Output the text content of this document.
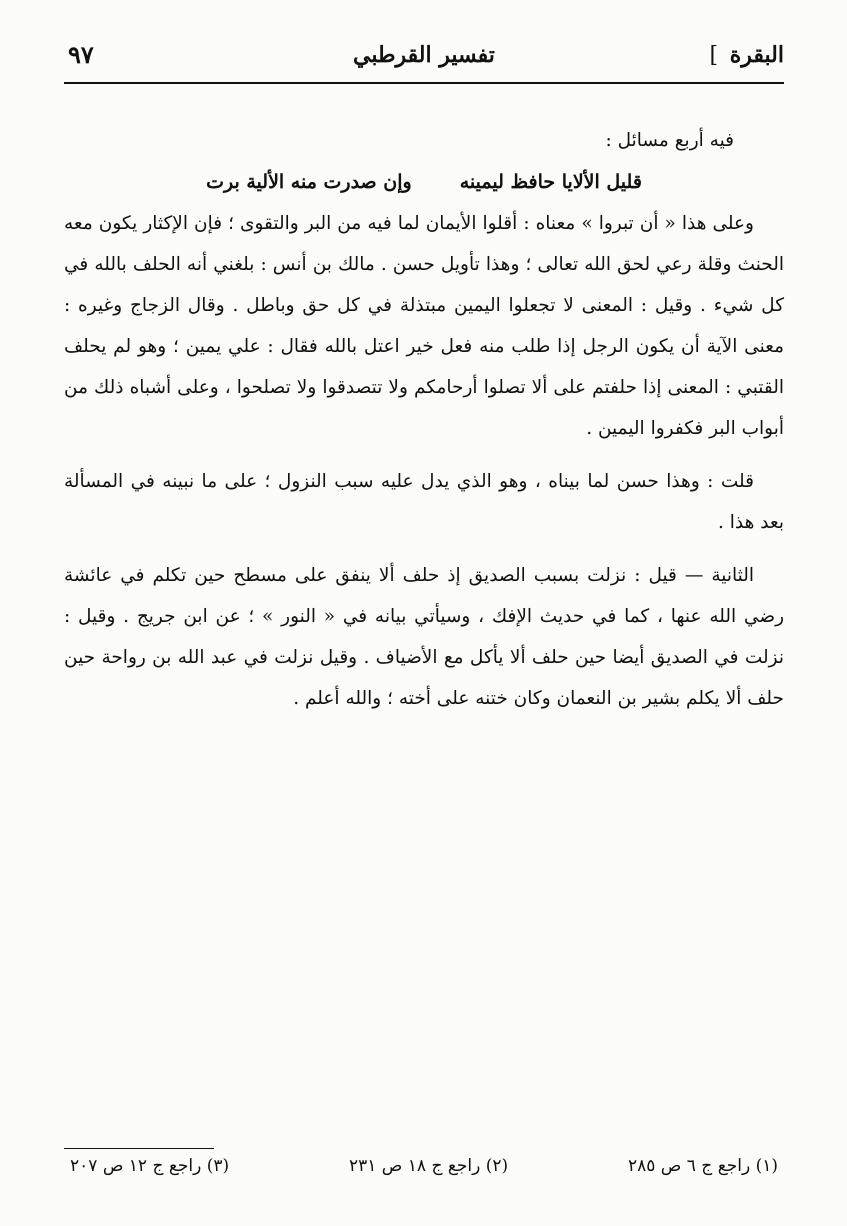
البقرة ]
تفسير القرطبي
٩٧

فيه أربع مسائل :

قليل الألايا حافظ ليمينه
وإن صدرت منه الألية برت

وعلى هذا « أن تبروا » معناه : أقلوا الأيمان لما فيه من البر والتقوى ؛ فإن الإكثار يكون معه الحنث وقلة رعي لحق الله تعالى ؛ وهذا تأويل حسن . مالك بن أنس : بلغني أنه الحلف بالله في كل شيء . وقيل : المعنى لا تجعلوا اليمين مبتذلة في كل حق وباطل . وقال الزجاج وغيره : معنى الآية أن يكون الرجل إذا طلب منه فعل خير اعتل بالله فقال : علي يمين ؛ وهو لم يحلف القتبي : المعنى إذا حلفتم على ألا تصلوا أرحامكم ولا تتصدقوا ولا تصلحوا ، وعلى أشباه ذلك من أبواب البر فكفروا اليمين .

قلت : وهذا حسن لما بيناه ، وهو الذي يدل عليه سبب النزول ؛ على ما نبينه في المسألة بعد هذا .

الثانية — قيل : نزلت بسبب الصديق إذ حلف ألا ينفق على مسطح حين تكلم في عائشة رضي الله عنها ، كما في حديث الإفك ، وسيأتي بيانه في « النور » ؛ عن ابن جريج . وقيل : نزلت في الصديق أيضا حين حلف ألا يأكل مع الأضياف . وقيل نزلت في عبد الله بن رواحة حين حلف ألا يكلم بشير بن النعمان وكان ختنه على أخته ؛ والله أعلم .

(١) راجع ج ٦ ص ٢٨٥
(٢) راجع ج ١٨ ص ٢٣١
(٣) راجع ج ١٢ ص ٢٠٧
